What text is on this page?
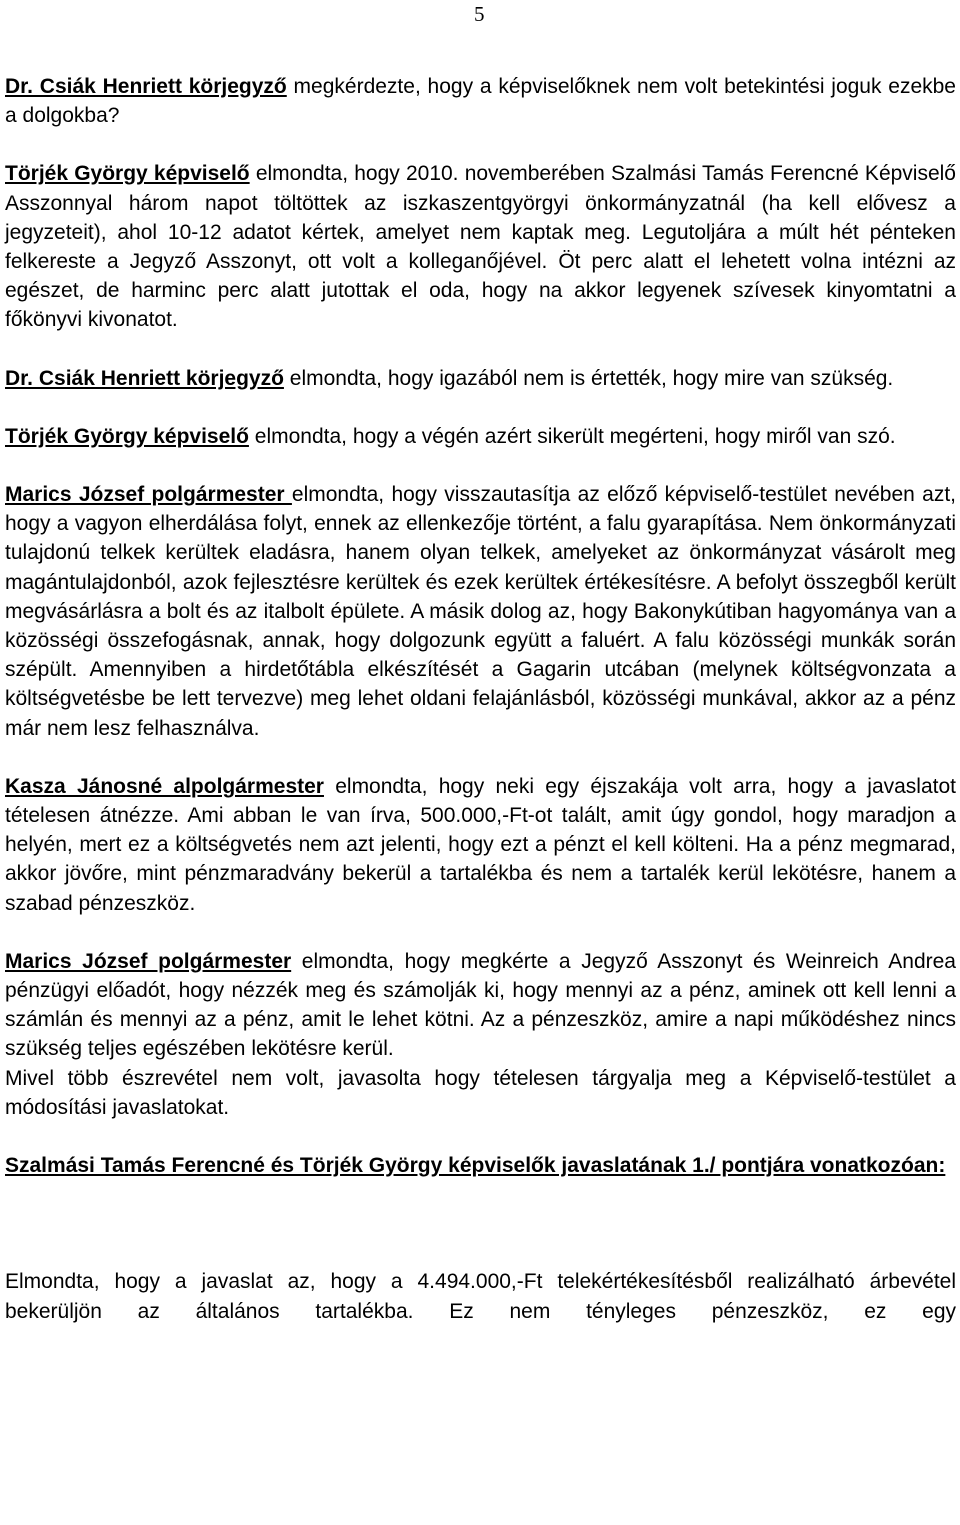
5

Dr. Csiák Henriett körjegyző megkérdezte, hogy a képviselőknek nem volt betekintési joguk ezekbe a dolgokba?

Törjék György képviselő elmondta, hogy 2010. novemberében Szalmási Tamás Ferencné Képviselő Asszonnyal három napot töltöttek az iszkaszentgyörgyi önkormányzatnál (ha kell elővesz a jegyzeteit), ahol 10-12 adatot kértek, amelyet nem kaptak meg. Legutoljára a múlt hét pénteken felkereste a Jegyző Asszonyt, ott volt a kolleganőjével. Öt perc alatt el lehetett volna intézni az egészet, de harminc perc alatt jutottak el oda, hogy na akkor legyenek szívesek kinyomtatni a főkönyvi kivonatot.

Dr. Csiák Henriett körjegyző elmondta, hogy igazából nem is értették, hogy mire van szükség.

Törjék György képviselő elmondta, hogy a végén azért sikerült megérteni, hogy miről van szó.

Marics József polgármester elmondta, hogy visszautasítja az előző képviselő-testület nevében azt, hogy a vagyon elherdálása folyt, ennek az ellenkezője történt, a falu gyarapítása. Nem önkormányzati tulajdonú telkek kerültek eladásra, hanem olyan telkek, amelyeket az önkormányzat vásárolt meg magántulajdonból, azok fejlesztésre kerültek és ezek kerültek értékesítésre. A befolyt összegből került megvásárlásra a bolt és az italbolt épülete. A másik dolog az, hogy Bakonykútiban hagyománya van a közösségi összefogásnak, annak, hogy dolgozunk együtt a faluért. A falu közösségi munkák során szépült. Amennyiben a hirdetőtábla elkészítését a Gagarin utcában (melynek költségvonzata a költségvetésbe be lett tervezve) meg lehet oldani felajánlásból, közösségi munkával, akkor az a pénz már nem lesz felhasználva.

Kasza Jánosné alpolgármester elmondta, hogy neki egy éjszakája volt arra, hogy a javaslatot tételesen átnézze. Ami abban le van írva, 500.000,-Ft-ot talált, amit úgy gondol, hogy maradjon a helyén, mert ez a költségvetés nem azt jelenti, hogy ezt a pénzt el kell költeni. Ha a pénz megmarad, akkor jövőre, mint pénzmaradvány bekerül a tartalékba és nem a tartalék kerül lekötésre, hanem a szabad pénzeszköz.

Marics József polgármester elmondta, hogy megkérte a Jegyző Asszonyt és Weinreich Andrea pénzügyi előadót, hogy nézzék meg és számolják ki, hogy mennyi az a pénz, aminek ott kell lenni a számlán és mennyi az a pénz, amit le lehet kötni. Az a pénzeszköz, amire a napi működéshez nincs szükség teljes egészében lekötésre kerül.

Mivel több észrevétel nem volt, javasolta hogy tételesen tárgyalja meg a Képviselő-testület a módosítási javaslatokat.

Szalmási Tamás Ferencné és Törjék György képviselők javaslatának 1./ pontjára vonatkozóan:

Elmondta, hogy a javaslat az, hogy a 4.494.000,-Ft telekértékesítésből realizálható árbevétel bekerüljön az általános tartalékba. Ez nem tényleges pénzeszköz, ez egy
